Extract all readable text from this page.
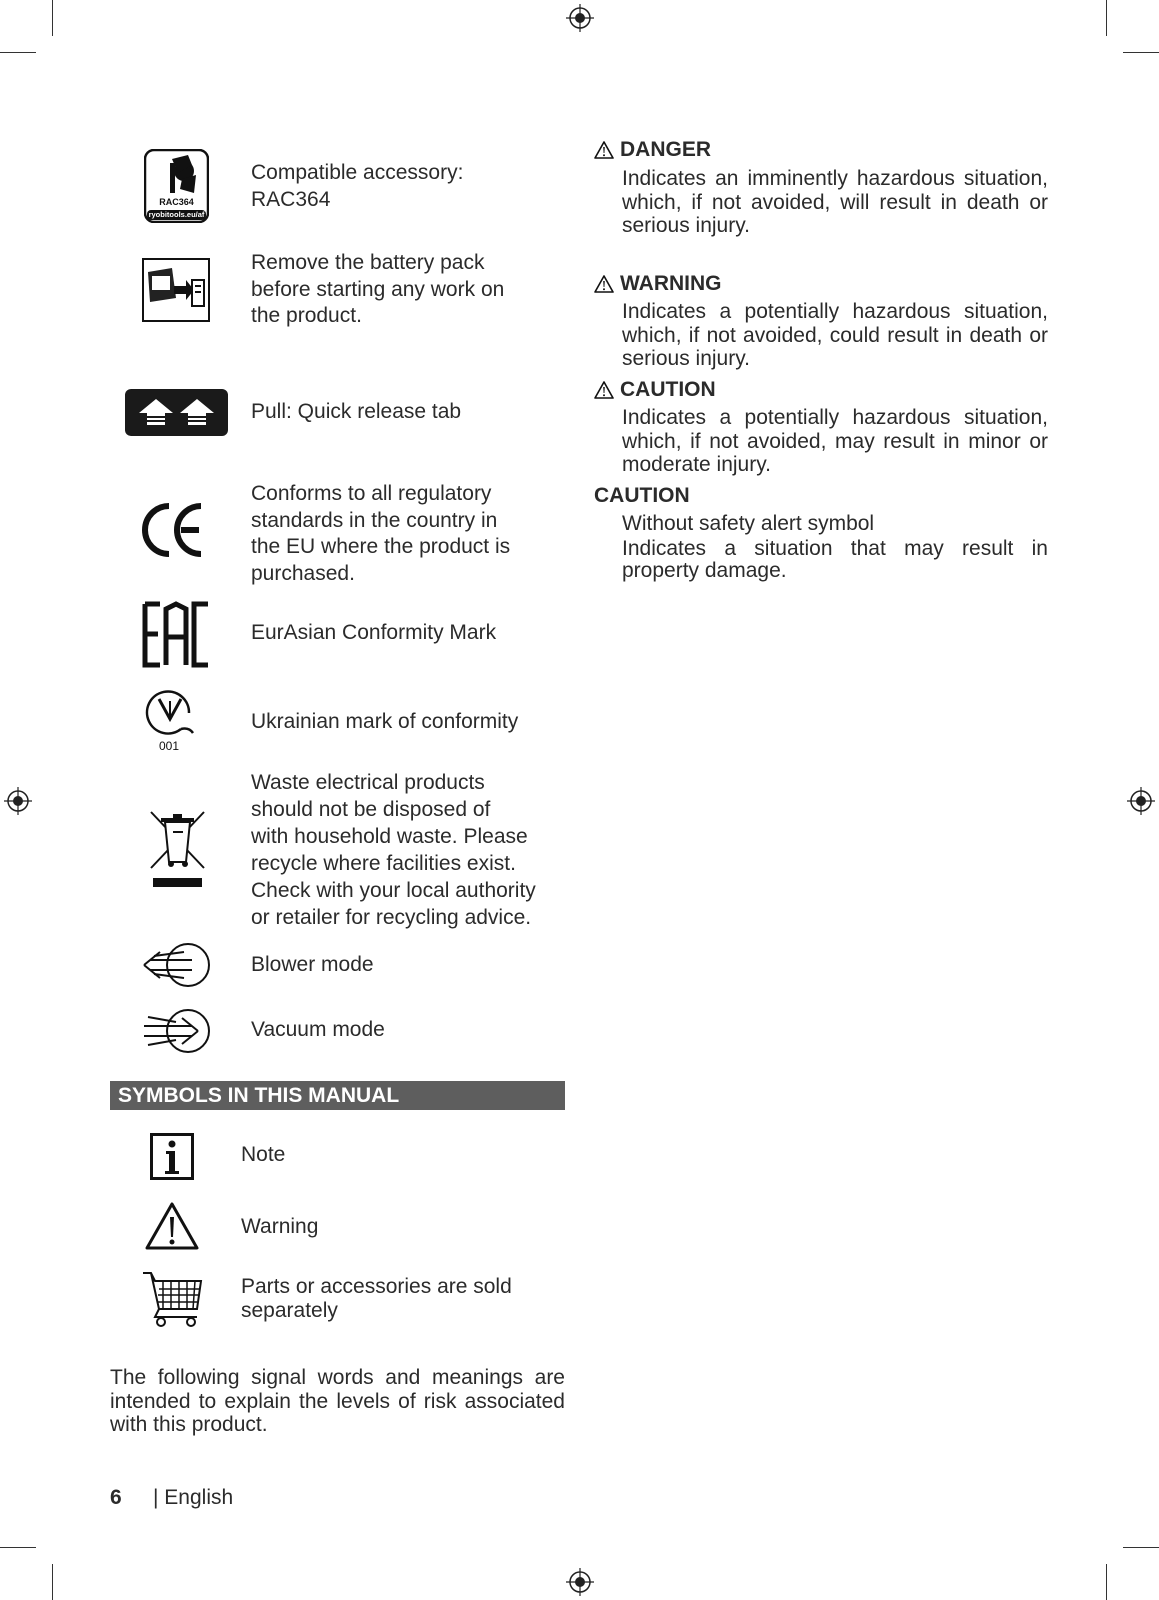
RAC364
ryobitools.eu/af
Compatible accessory:
RAC364
Remove the battery pack
before starting any work on
the product.
Pull: Quick release tab
Conforms to all regulatory
standards in the country in
the EU where the product is
purchased.
EurAsian Conformity Mark
001
Ukrainian mark of conformity
Waste electrical products
should not be disposed of
with household waste. Please
recycle where facilities exist.
Check with your local authority
or retailer for recycling advice.
Blower mode
Vacuum mode
SYMBOLS IN THIS MANUAL
Note
Warning
Parts or accessories are sold
separately
The following signal words and meanings are intended to explain the levels of risk associated with this product.
DANGER
Indicates an imminently hazardous situation, which, if not avoided, will result in death or serious injury.
WARNING
Indicates a potentially hazardous situation, which, if not avoided, could result in death or serious injury.
CAUTION
Indicates a potentially hazardous situation, which, if not avoided, may result in minor or moderate injury.
CAUTION
Without safety alert symbol
Indicates a situation that may result in property damage.
6 | English
